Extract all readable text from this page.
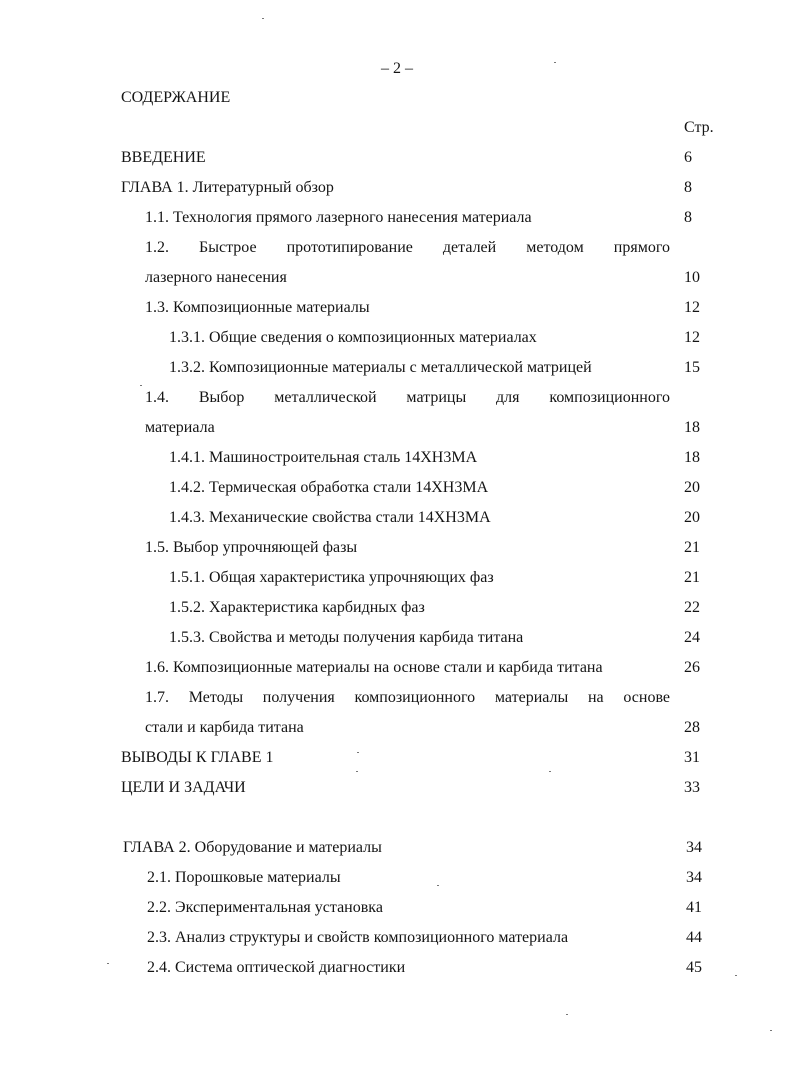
– 2 –
СОДЕРЖАНИЕ
Стр.
ВВЕДЕНИЕ	6
ГЛАВА 1. Литературный обзор	8
1.1. Технология прямого лазерного нанесения материала	8
1.2. Быстрое прототипирование деталей методом прямого
лазерного нанесения	10
1.3. Композиционные материалы	12
1.3.1. Общие сведения о композиционных материалах	12
1.3.2. Композиционные материалы с металлической матрицей	15
1.4. Выбор металлической матрицы для композиционного
материала	18
1.4.1. Машиностроительная сталь 14ХН3МА	18
1.4.2. Термическая обработка стали 14ХН3МА	20
1.4.3. Механические свойства стали 14ХН3МА	20
1.5. Выбор упрочняющей фазы	21
1.5.1. Общая характеристика упрочняющих фаз	21
1.5.2. Характеристика карбидных фаз	22
1.5.3. Свойства и методы получения карбида титана	24
1.6. Композиционные материалы на основе стали и карбида титана	26
1.7. Методы получения композиционного материалы на основе
стали и карбида титана	28
ВЫВОДЫ К ГЛАВЕ 1	31
ЦЕЛИ И ЗАДАЧИ	33
ГЛАВА 2. Оборудование и материалы	34
2.1. Порошковые материалы	34
2.2. Экспериментальная установка	41
2.3. Анализ структуры и свойств композиционного материала	44
2.4. Система оптической диагностики	45
